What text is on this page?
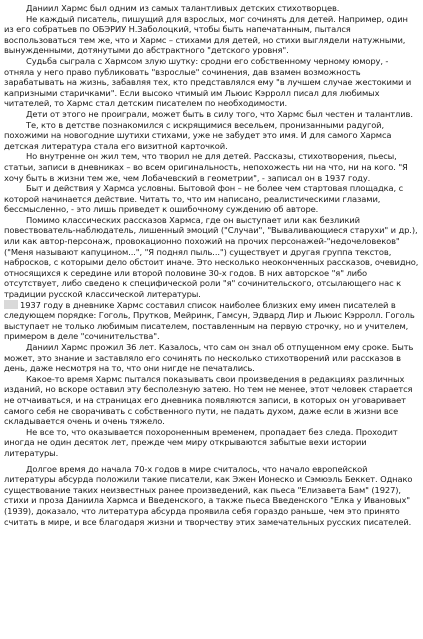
Даниил Хармс был одним из самых талантливых детских стихотворцев.

Не каждый писатель, пишущий для взрослых, мог сочинять для детей. Например, один из его собратьев по ОБЭРИУ Н.Заболоцкий, чтобы быть напечатанным, пытался воспользоваться тем же, что и Хармс – стихами для детей, но стихи выглядели натужными, вынужденными, дотянутыми до абстрактного "детского уровня".

Судьба сыграла с Хармсом злую шутку: сродни его собственному черному юмору, - отняла у него право публиковать "взрослые" сочинения, дав взамен возможность зарабатывать на жизнь, забавляя тех, кто представлялся ему "в лучшем случае жестокими и капризными старичками". Если высоко чтимый им Льюис Кэрролл писал для любимых читателей, то Хармс стал детским писателем по необходимости.

Дети от этого не проиграли, может быть в силу того, что Хармс был честен и талантлив.

Те, кто в детстве познакомился с искрящимися весельем, пронизанными радугой, похожими на новогодние шутихи стихами, уже не забудет это имя. И для самого Хармса детская литература стала его визитной карточкой.

Но внутренне он жил тем, что творил не для детей. Рассказы, стихотворения, пьесы, статьи, записи в дневниках – во всем оригинальность, непохожесть ни на что, ни на кого. "Я хочу быть в жизни тем же, чем Лобачевский в геометрии", - записал он в 1937 году.

Быт и действия у Хармса условны. Бытовой фон – не более чем стартовая площадка, с которой начинается действие. Читать то, что им написано, реалистическими глазами, бессмысленно, - это лишь приведет к ошибочному суждению об авторе.

Помимо классических рассказов Хармса, где он выступает или как безликий повествователь-наблюдатель, лишенный эмоций ("Случаи", "Вываливающиеся старухи" и др.), или как автор-персонаж, провокационно похожий на прочих персонажей-"недочеловеков" ("Меня называют капуцином...", "Я поднял пыль...") существует и другая группа текстов, набросков, с которыми дело обстоит иначе. Это несколько неоконченных рассказов, очевидно, относящихся к середине или второй половине 30-х годов. В них авторское "я" либо отсутствует, либо сведено к специфической роли "я" сочинительского, отсылающего нас к традиции русской классической литературы.

1937 году в дневнике Хармс составил список наиболее близких ему имен писателей в следующем порядке: Гоголь, Прутков, Мейринк, Гамсун, Эдвард Лир и Льюис Кэрролл. Гоголь выступает не только любимым писателем, поставленным на первую строчку, но и учителем, примером в деле "сочинительства".

Даниил Хармс прожил 36 лет. Казалось, что сам он знал об отпущенном ему сроке. Быть может, это знание и заставляло его сочинять по несколько стихотворений или рассказов в день, даже несмотря на то, что они нигде не печатались.

Какое-то время Хармс пытался показывать свои произведения в редакциях различных изданий, но вскоре оставил эту бесполезную затею. Но тем не менее, этот человек старается не отчаиваться, и на страницах его дневника появляются записи, в которых он уговаривает самого себя не сворачивать с собственного пути, не падать духом, даже если в жизни все складывается очень и очень тяжело.

Не все то, что оказывается похороненным временем, пропадает без следа. Проходит иногда не один десяток лет, прежде чем миру открываются забытые вехи истории литературы.

Долгое время до начала 70-х годов в мире считалось, что начало европейской литературы абсурда положили такие писатели, как Эжен Ионеско и Сэмюэль Беккет. Однако существование таких неизвестных ранее произведений, как пьеса "Елизавета Бам" (1927), стихи и проза Даниила Хармса и Введенского, а также пьеса Введенского "Елка у Ивановых" (1939), доказало, что литература абсурда проявила себя гораздо раньше, чем это принято считать в мире, и все благодаря жизни и творчеству этих замечательных русских писателей.
